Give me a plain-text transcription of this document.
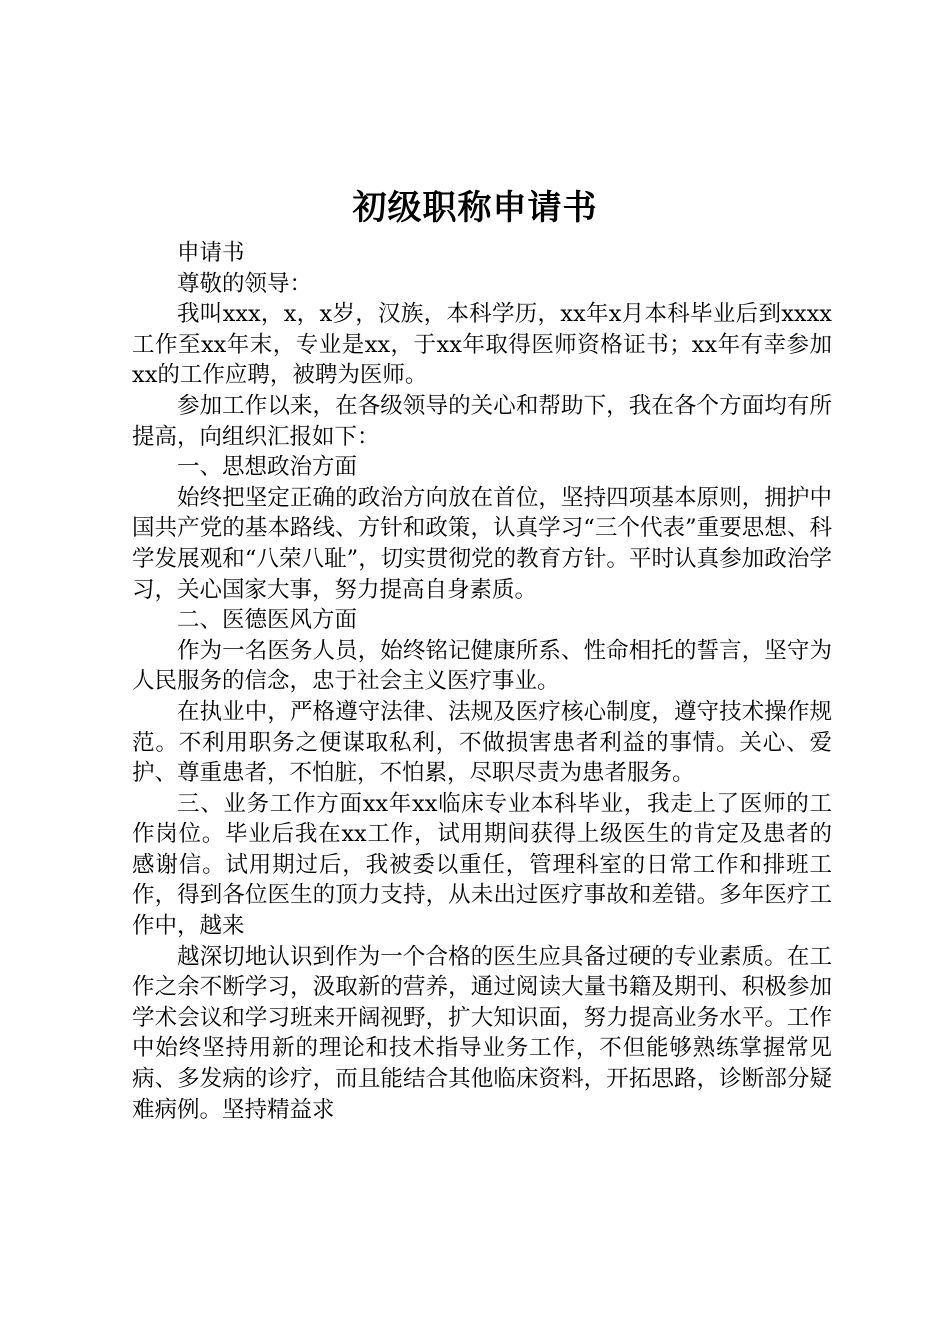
初级职称申请书

申请书

尊敬的领导：

我叫xxx，x，x岁，汉族，本科学历，xx年x月本科毕业后到xxxx工作至xx年末，专业是xx，于xx年取得医师资格证书；xx年有幸参加xx的工作应聘，被聘为医师。

参加工作以来，在各级领导的关心和帮助下，我在各个方面均有所提高，向组织汇报如下：

一、思想政治方面

始终把坚定正确的政治方向放在首位，坚持四项基本原则，拥护中国共产党的基本路线、方针和政策，认真学习“三个代表”重要思想、科学发展观和“八荣八耻”，切实贯彻党的教育方针。平时认真参加政治学习，关心国家大事，努力提高自身素质。

二、医德医风方面

作为一名医务人员，始终铭记健康所系、性命相托的誓言，坚守为人民服务的信念，忠于社会主义医疗事业。

在执业中，严格遵守法律、法规及医疗核心制度，遵守技术操作规范。不利用职务之便谋取私利，不做损害患者利益的事情。关心、爱护、尊重患者，不怕脏，不怕累，尽职尽责为患者服务。

三、业务工作方面xx年xx临床专业本科毕业，我走上了医师的工作岗位。毕业后我在xx工作，试用期间获得上级医生的肯定及患者的感谢信。试用期过后，我被委以重任，管理科室的日常工作和排班工作，得到各位医生的顶力支持，从未出过医疗事故和差错。多年医疗工作中，越来

越深切地认识到作为一个合格的医生应具备过硬的专业素质。在工作之余不断学习，汲取新的营养，通过阅读大量书籍及期刊、积极参加学术会议和学习班来开阔视野，扩大知识面，努力提高业务水平。工作中始终坚持用新的理论和技术指导业务工作，不但能够熟练掌握常见病、多发病的诊疗，而且能结合其他临床资料，开拓思路，诊断部分疑难病例。坚持精益求
